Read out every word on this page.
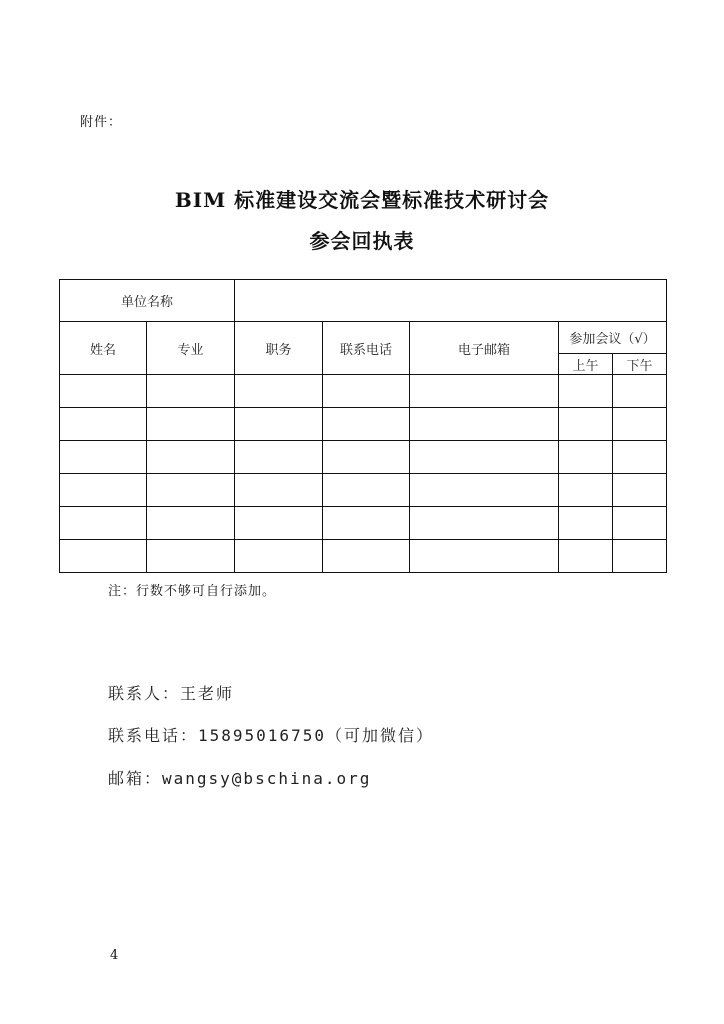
附件：
BIM 标准建设交流会暨标准技术研讨会
参会回执表
单位名称						
姓名	专业	职务	联系电话	电子邮箱	参加会议（√）	
					上午	下午

注：行数不够可自行添加。
联系人：王老师
联系电话：15895016750（可加微信）
邮箱：wangsy@bschina.org
4
